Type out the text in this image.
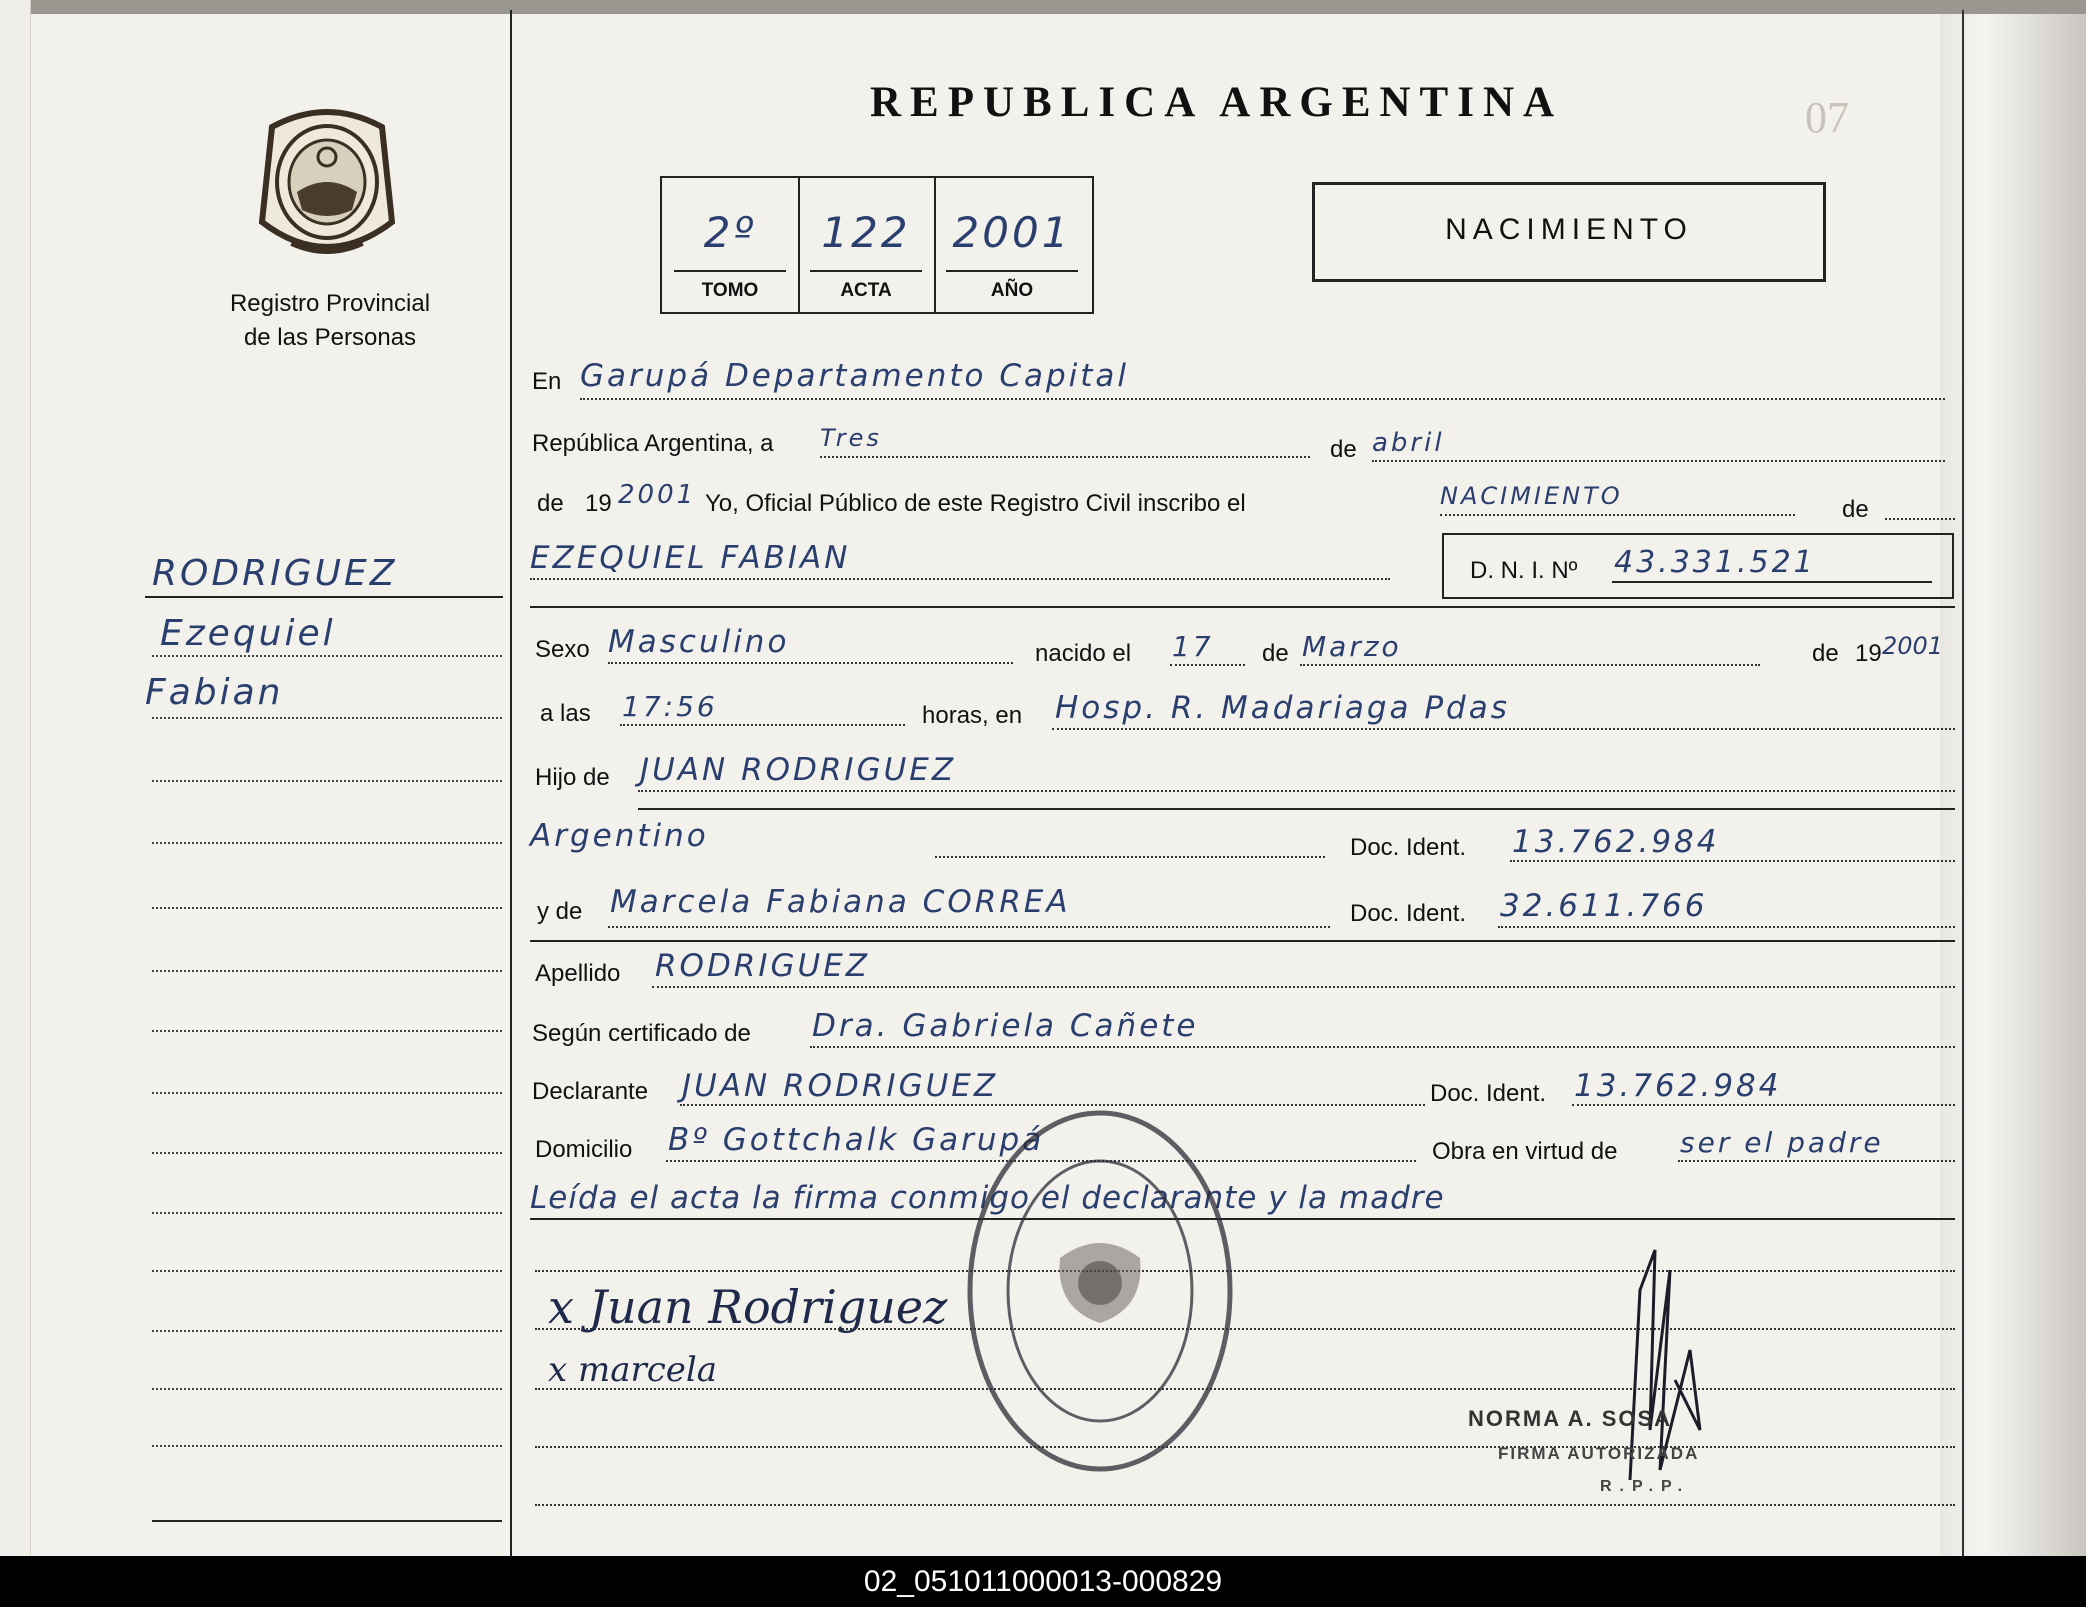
Registro Provincial
de las Personas
RODRIGUEZ
Ezequiel
Fabian
REPUBLICA ARGENTINA	07
2º
TOMO
122
ACTA
2001
AÑO
NACIMIENTO
En Garupá Departamento Capital
República Argentina, a Tres	de abril
de 19 2001 Yo, Oficial Público de este Registro Civil inscribo el	NACIMIENTO	de
EZEQUIEL FABIAN	D. N. I. Nº 43.331.521
Sexo Masculino	nacido el 17 de Marzo	de 19 2001
a las 17:56	horas, en Hosp. R. Madariaga Pdas
Hijo de JUAN RODRIGUEZ
Argentino	Doc. Ident. 13.762.984
y de Marcela Fabiana CORREA	Doc. Ident. 32.611.766
Apellido RODRIGUEZ
Según certificado de Dra. Gabriela Cañete
Declarante JUAN RODRIGUEZ	Doc. Ident. 13.762.984
Domicilio Bº Gottchalk Garupá	Obra en virtud de ser el padre
Leída el acta la firma conmigo el declarante y la madre
x Juan Rodriguez
x marcela
NORMA A. SOSA
FIRMA AUTORIZADA
R.P.P.
02_051011000013-000829
